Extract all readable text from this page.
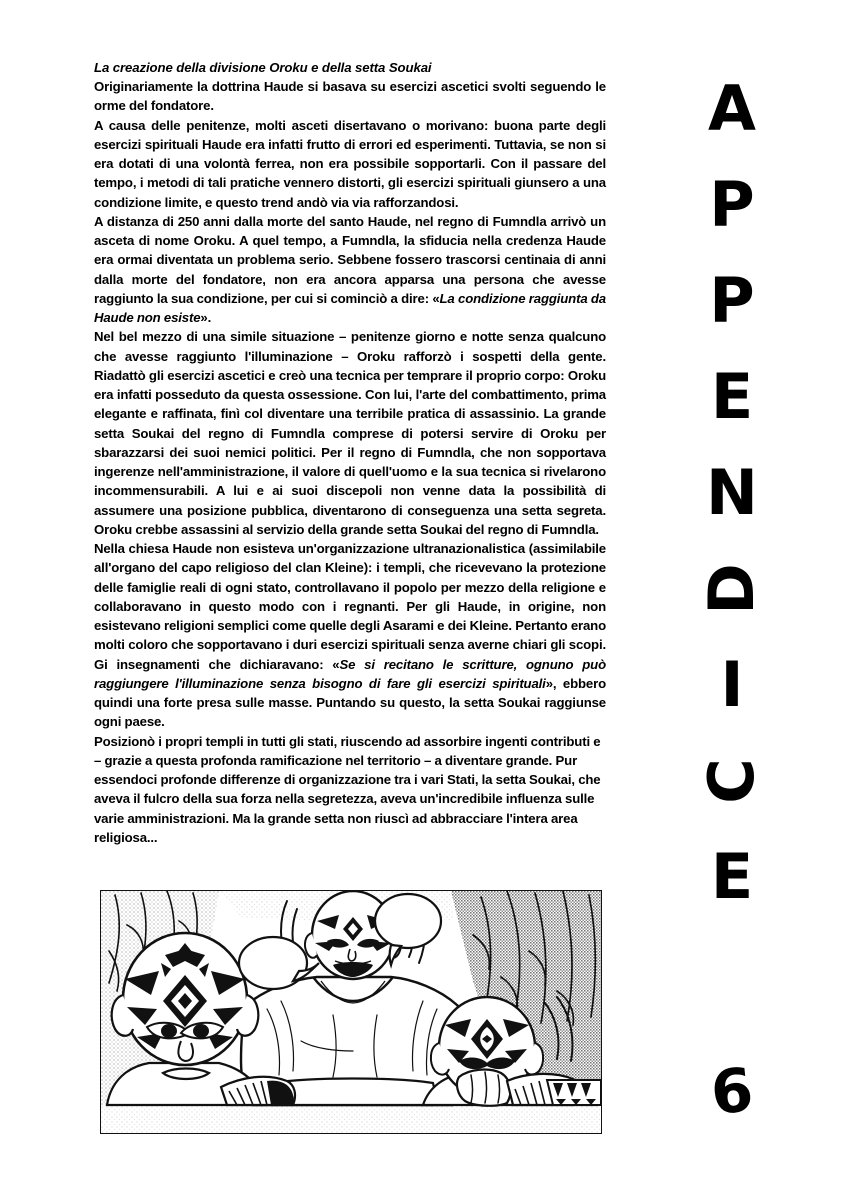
La creazione della divisione Oroku e della setta Soukai

Originariamente la dottrina Haude si basava su esercizi ascetici svolti seguendo le orme del fondatore.

A causa delle penitenze, molti asceti disertavano o morivano: buona parte degli esercizi spirituali Haude era infatti frutto di errori ed esperimenti. Tuttavia, se non si era dotati di una volontà ferrea, non era possibile sopportarli. Con il passare del tempo, i metodi di tali pratiche vennero distorti, gli esercizi spirituali giunsero a una condizione limite, e questo trend andò via via rafforzandosi.

A distanza di 250 anni dalla morte del santo Haude, nel regno di Fumndla arrivò un asceta di nome Oroku. A quel tempo, a Fumndla, la sfiducia nella credenza Haude era ormai diventata un problema serio. Sebbene fossero trascorsi centinaia di anni dalla morte del fondatore, non era ancora apparsa una persona che avesse raggiunto la sua condizione, per cui si cominciò a dire: «La condizione raggiunta da Haude non esiste».

Nel bel mezzo di una simile situazione – penitenze giorno e notte senza qualcuno che avesse raggiunto l'illuminazione – Oroku rafforzò i sospetti della gente. Riadattò gli esercizi ascetici e creò una tecnica per temprare il proprio corpo: Oroku era infatti posseduto da questa ossessione. Con lui, l'arte del combattimento, prima elegante e raffinata, finì col diventare una terribile pratica di assassinio. La grande setta Soukai del regno di Fumndla comprese di potersi servire di Oroku per sbarazzarsi dei suoi nemici politici. Per il regno di Fumndla, che non sopportava ingerenze nell'amministrazione, il valore di quell'uomo e la sua tecnica si rivelarono incommensurabili. A lui e ai suoi discepoli non venne data la possibilità di assumere una posizione pubblica, diventarono di conseguenza una setta segreta. Oroku crebbe assassini al servizio della grande setta Soukai del regno di Fumndla.

Nella chiesa Haude non esisteva un'organizzazione ultranazionalistica (assimilabile all'organo del capo religioso del clan Kleine): i templi, che ricevevano la protezione delle famiglie reali di ogni stato, controllavano il popolo per mezzo della religione e collaboravano in questo modo con i regnanti. Per gli Haude, in origine, non esistevano religioni semplici come quelle degli Asarami e dei Kleine. Pertanto erano molti coloro che sopportavano i duri esercizi spirituali senza averne chiari gli scopi. Gi insegnamenti che dichiaravano: «Se si recitano le scritture, ognuno può raggiungere l'illuminazione senza bisogno di fare gli esercizi spirituali», ebbero quindi una forte presa sulle masse. Puntando su questo, la setta Soukai raggiunse ogni paese.

Posizionò i propri templi in tutti gli stati, riuscendo ad assorbire ingenti contributi e – grazie a questa profonda ramificazione nel territorio – a diventare grande. Pur essendoci profonde differenze di organizzazione tra i vari Stati, la setta Soukai, che aveva il fulcro della sua forza nella segretezza, aveva un'incredibile influenza sulle varie amministrazioni. Ma la grande setta non riuscì ad abbracciare l'intera area religiosa...

A
P
P
E
N
D
I
C
E
6
